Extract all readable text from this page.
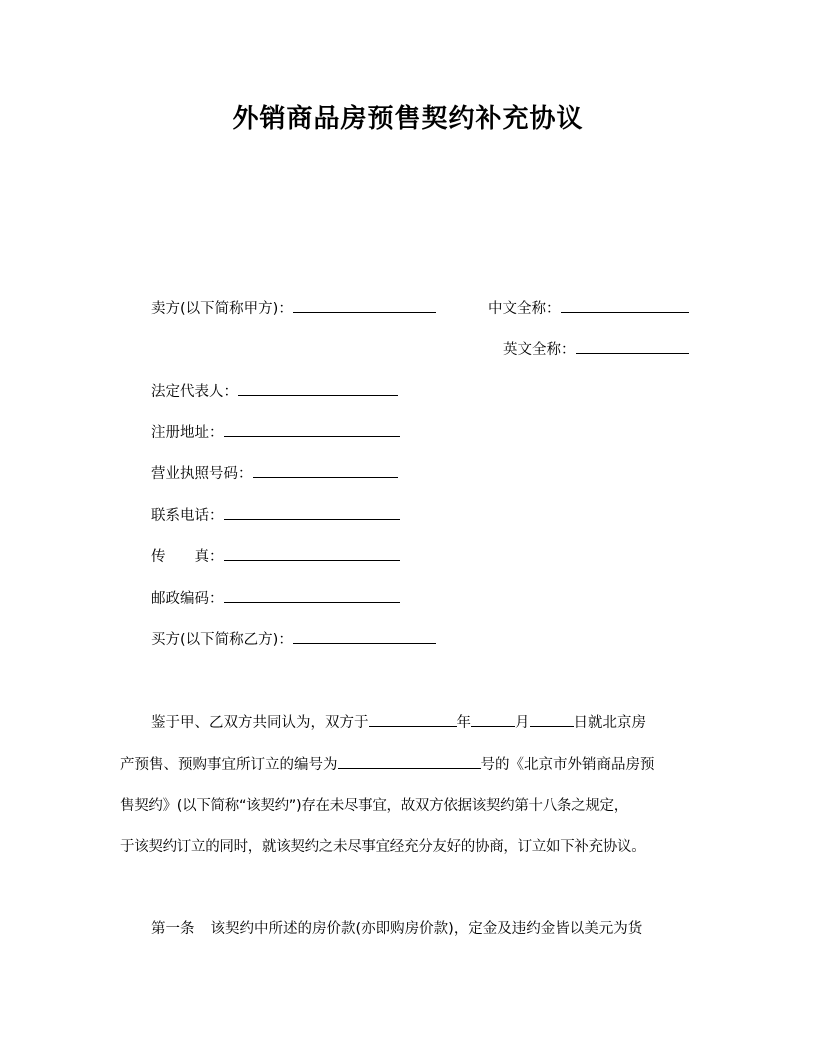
外销商品房预售契约补充协议
卖方(以下简称甲方)：	中文全称：
英文全称：
法定代表人：
注册地址：
营业执照号码：
联系电话：
传　　真：
邮政编码：
买方(以下简称乙方)：
鉴于甲、乙双方共同认为，双方于	年	月	日就北京房
产预售、预购事宜所订立的编号为	号的《北京市外销商品房预
售契约》(以下简称“该契约”)存在未尽事宜，故双方依据该契约第十八条之规定，
于该契约订立的同时，就该契约之未尽事宜经充分友好的协商，订立如下补充协议。
第一条 该契约中所述的房价款(亦即购房价款)，定金及违约金皆以美元为货
